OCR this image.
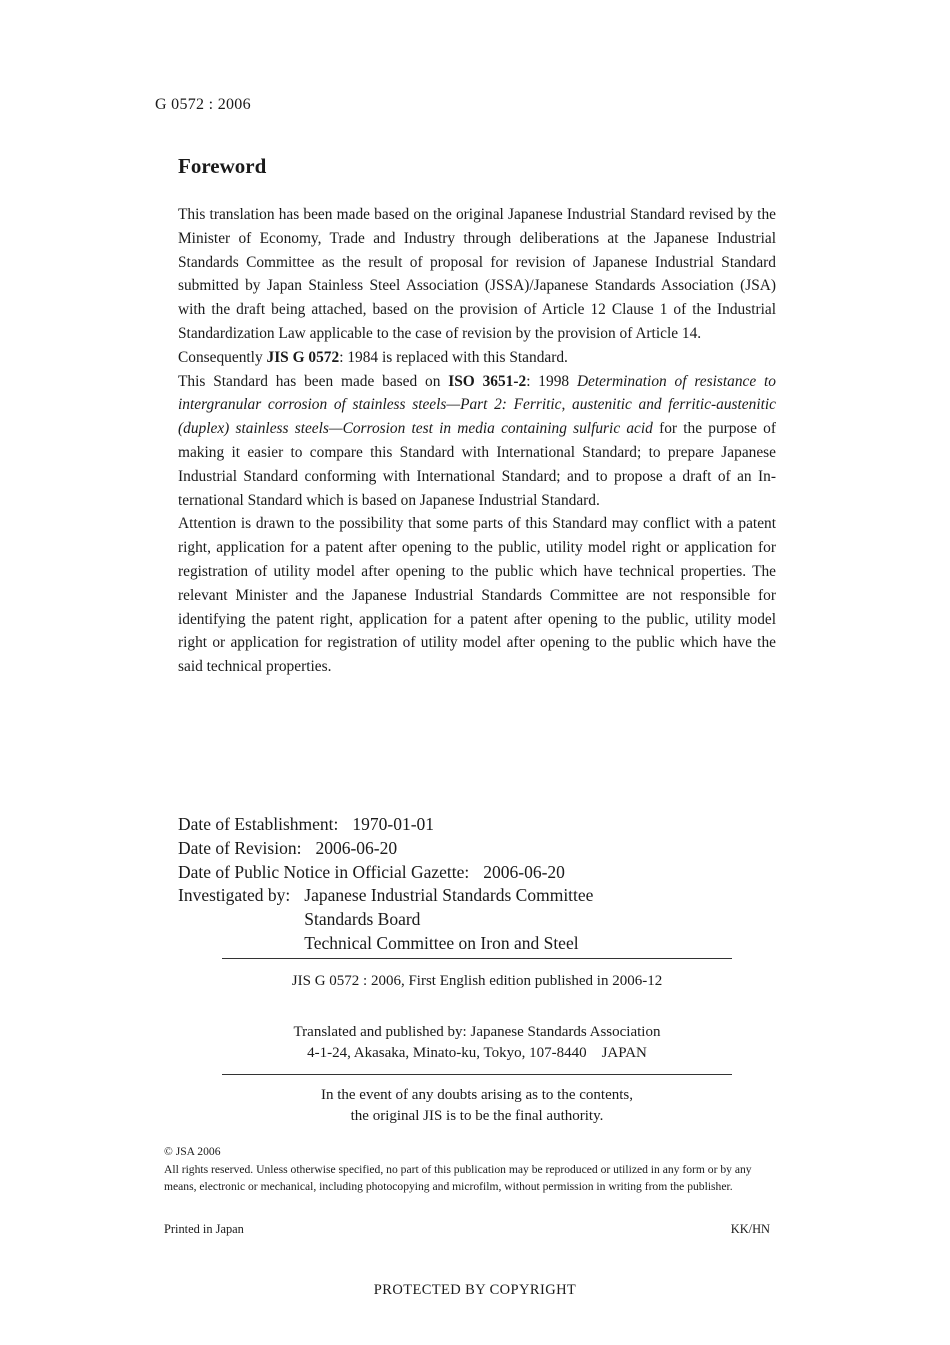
G 0572 : 2006
Foreword

This translation has been made based on the original Japanese Industrial Standard revised by the Minister of Economy, Trade and Industry through deliberations at the Japanese Industrial Standards Committee as the result of proposal for revision of Japanese Industrial Standard submitted by Japan Stainless Steel Association (JSSA)/Japanese Standards Association (JSA) with the draft being attached, based on the provision of Article 12 Clause 1 of the Industrial Standardization Law applicable to the case of revision by the provision of Article 14.

Consequently JIS G 0572: 1984 is replaced with this Standard.

This Standard has been made based on ISO 3651-2: 1998 Determination of resistance to intergranular corrosion of stainless steels—Part 2: Ferritic, austenitic and ferritic-austenitic (duplex) stainless steels—Corrosion test in media containing sulfuric acid for the purpose of making it easier to compare this Standard with International Standard; to prepare Japanese Industrial Standard conforming with International Standard; and to propose a draft of an International Standard which is based on Japanese Industrial Standard.

Attention is drawn to the possibility that some parts of this Standard may conflict with a patent right, application for a patent after opening to the public, utility model right or application for registration of utility model after opening to the public which have technical properties. The relevant Minister and the Japanese Industrial Standards Committee are not responsible for identifying the patent right, application for a patent after opening to the public, utility model right or application for registration of utility model after opening to the public which have the said technical properties.

Date of Establishment: 1970-01-01
Date of Revision: 2006-06-20
Date of Public Notice in Official Gazette: 2006-06-20
Investigated by: Japanese Industrial Standards Committee
Standards Board
Technical Committee on Iron and Steel
JIS G 0572 : 2006, First English edition published in 2006-12
Translated and published by: Japanese Standards Association
4-1-24, Akasaka, Minato-ku, Tokyo, 107-8440    JAPAN
In the event of any doubts arising as to the contents,
the original JIS is to be the final authority.

© JSA 2006

All rights reserved. Unless otherwise specified, no part of this publication may be reproduced or utilized in any form or by any means, electronic or mechanical, including photocopying and microfilm, without permission in writing from the publisher.

Printed in Japan	KK/HN
PROTECTED BY COPYRIGHT
